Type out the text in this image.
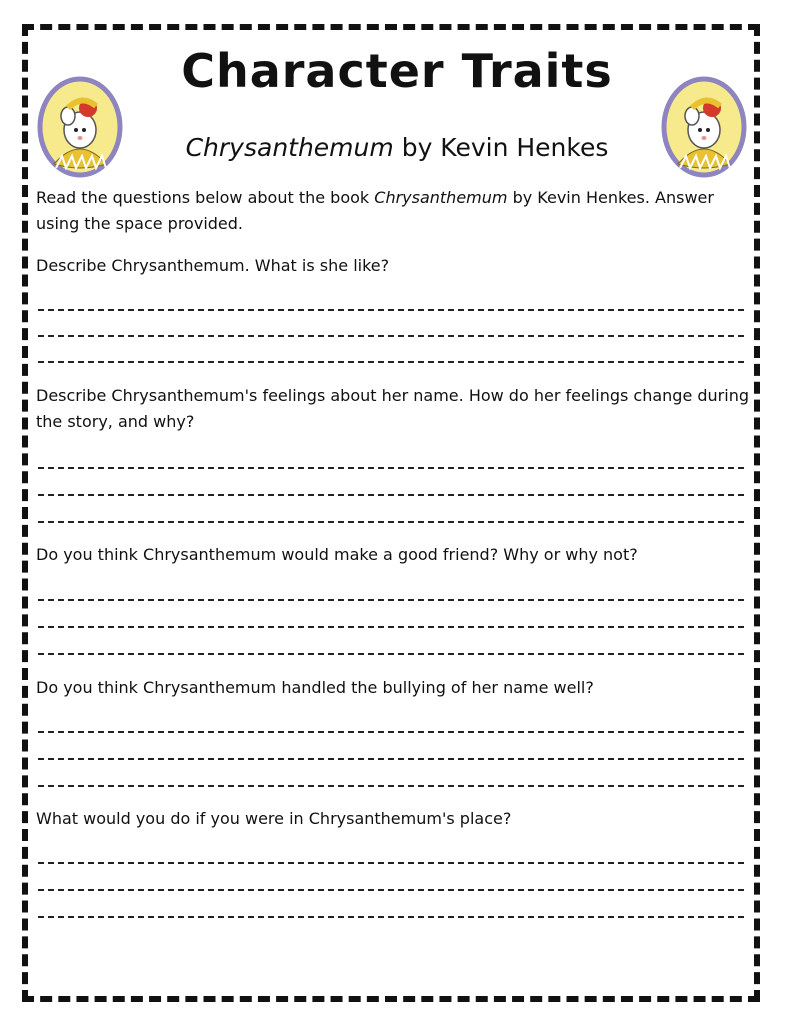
Character Traits

Chrysanthemum by Kevin Henkes

Read the questions below about the book Chrysanthemum by Kevin Henkes. Answer using the space provided.

Describe Chrysanthemum. What is she like?

Describe Chrysanthemum's feelings about her name. How do her feelings change during the story, and why?

Do you think Chrysanthemum would make a good friend? Why or why not?

Do you think Chrysanthemum handled the bullying of her name well?

What would you do if you were in Chrysanthemum's place?
